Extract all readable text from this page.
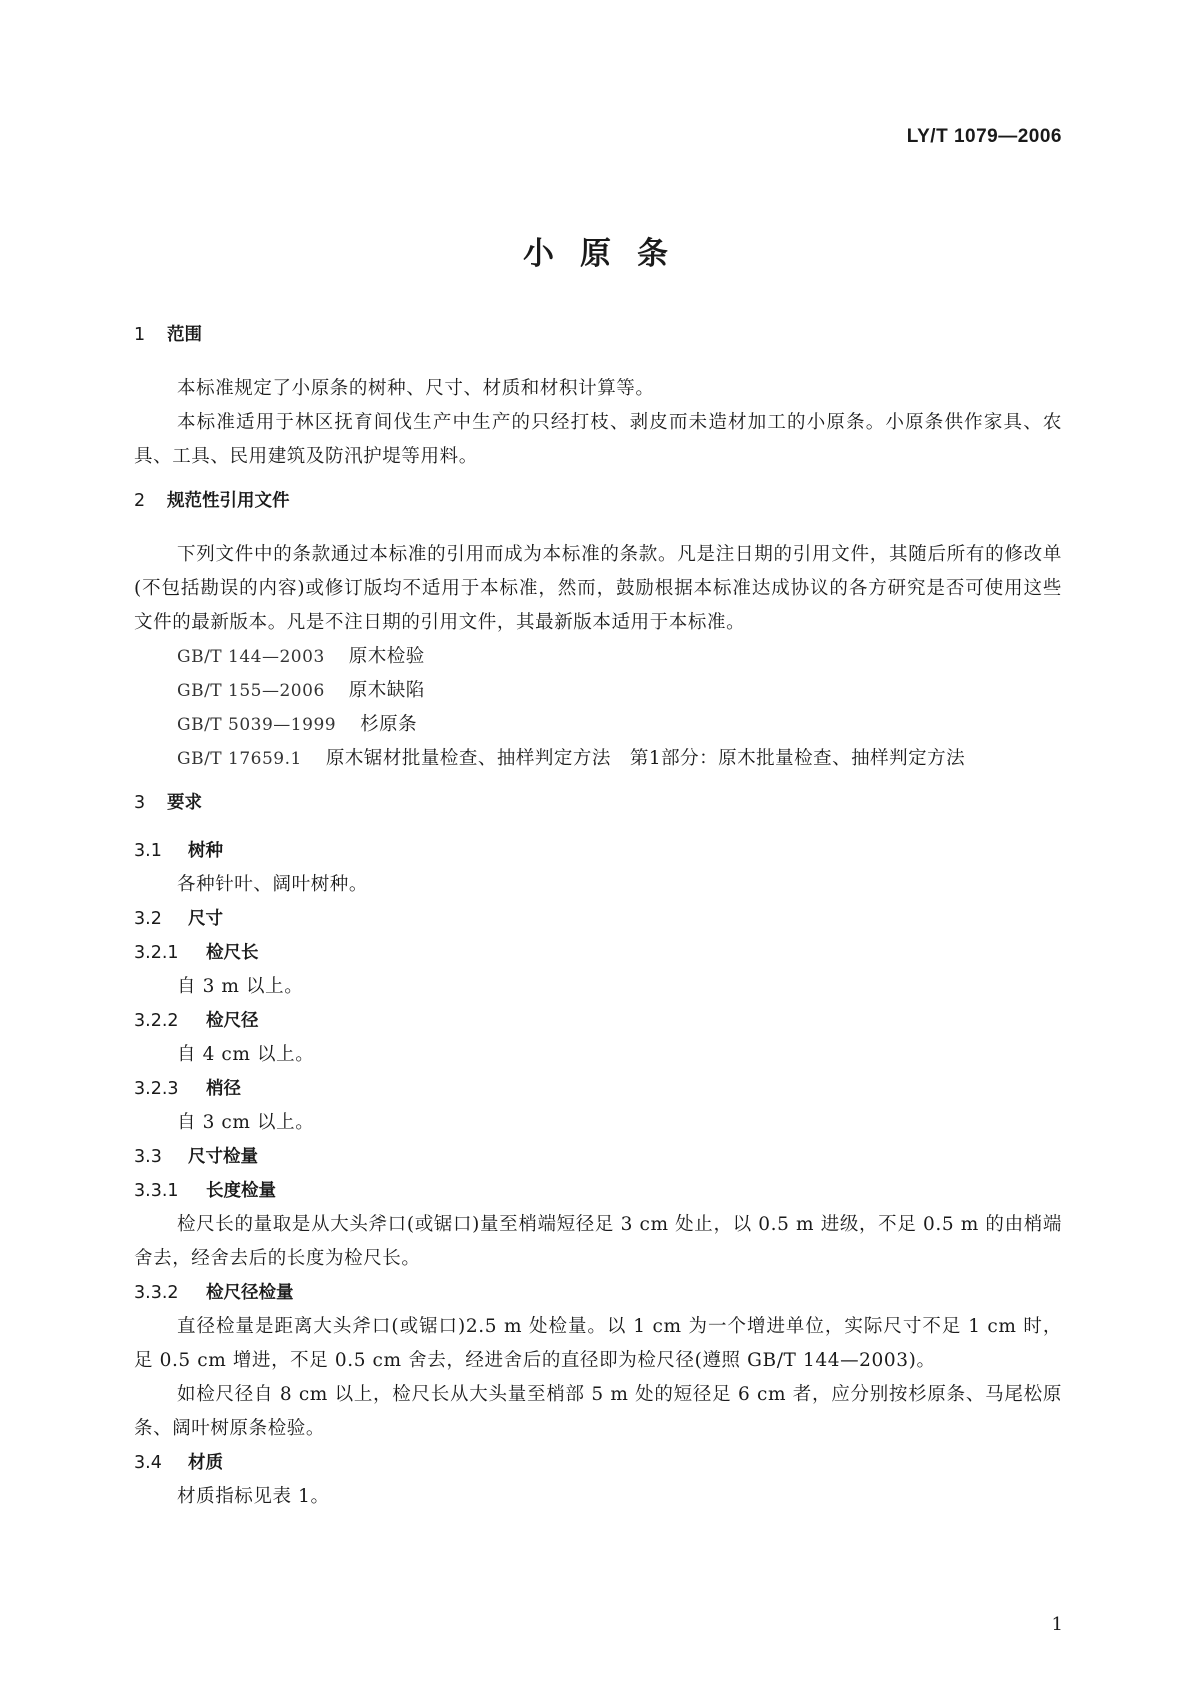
LY/T 1079—2006
小原条
1 范围
本标准规定了小原条的树种、尺寸、材质和材积计算等。
本标准适用于林区抚育间伐生产中生产的只经打枝、剥皮而未造材加工的小原条。小原条供作家具、农具、工具、民用建筑及防汛护堤等用料。
2 规范性引用文件
下列文件中的条款通过本标准的引用而成为本标准的条款。凡是注日期的引用文件，其随后所有的修改单(不包括勘误的内容)或修订版均不适用于本标准，然而，鼓励根据本标准达成协议的各方研究是否可使用这些文件的最新版本。凡是不注日期的引用文件，其最新版本适用于本标准。
GB/T 144—2003 原木检验
GB/T 155—2006 原木缺陷
GB/T 5039—1999 杉原条
GB/T 17659.1 原木锯材批量检查、抽样判定方法　第1部分：原木批量检查、抽样判定方法
3 要求
3.1 树种
各种针叶、阔叶树种。
3.2 尺寸
3.2.1 检尺长
自 3 m 以上。
3.2.2 检尺径
自 4 cm 以上。
3.2.3 梢径
自 3 cm 以上。
3.3 尺寸检量
3.3.1 长度检量
检尺长的量取是从大头斧口(或锯口)量至梢端短径足 3 cm 处止，以 0.5 m 进级，不足 0.5 m 的由梢端舍去，经舍去后的长度为检尺长。
3.3.2 检尺径检量
直径检量是距离大头斧口(或锯口)2.5 m 处检量。以 1 cm 为一个增进单位，实际尺寸不足 1 cm 时，足 0.5 cm 增进，不足 0.5 cm 舍去，经进舍后的直径即为检尺径(遵照 GB/T 144—2003)。
如检尺径自 8 cm 以上，检尺长从大头量至梢部 5 m 处的短径足 6 cm 者，应分别按杉原条、马尾松原条、阔叶树原条检验。
3.4 材质
材质指标见表 1。
1
